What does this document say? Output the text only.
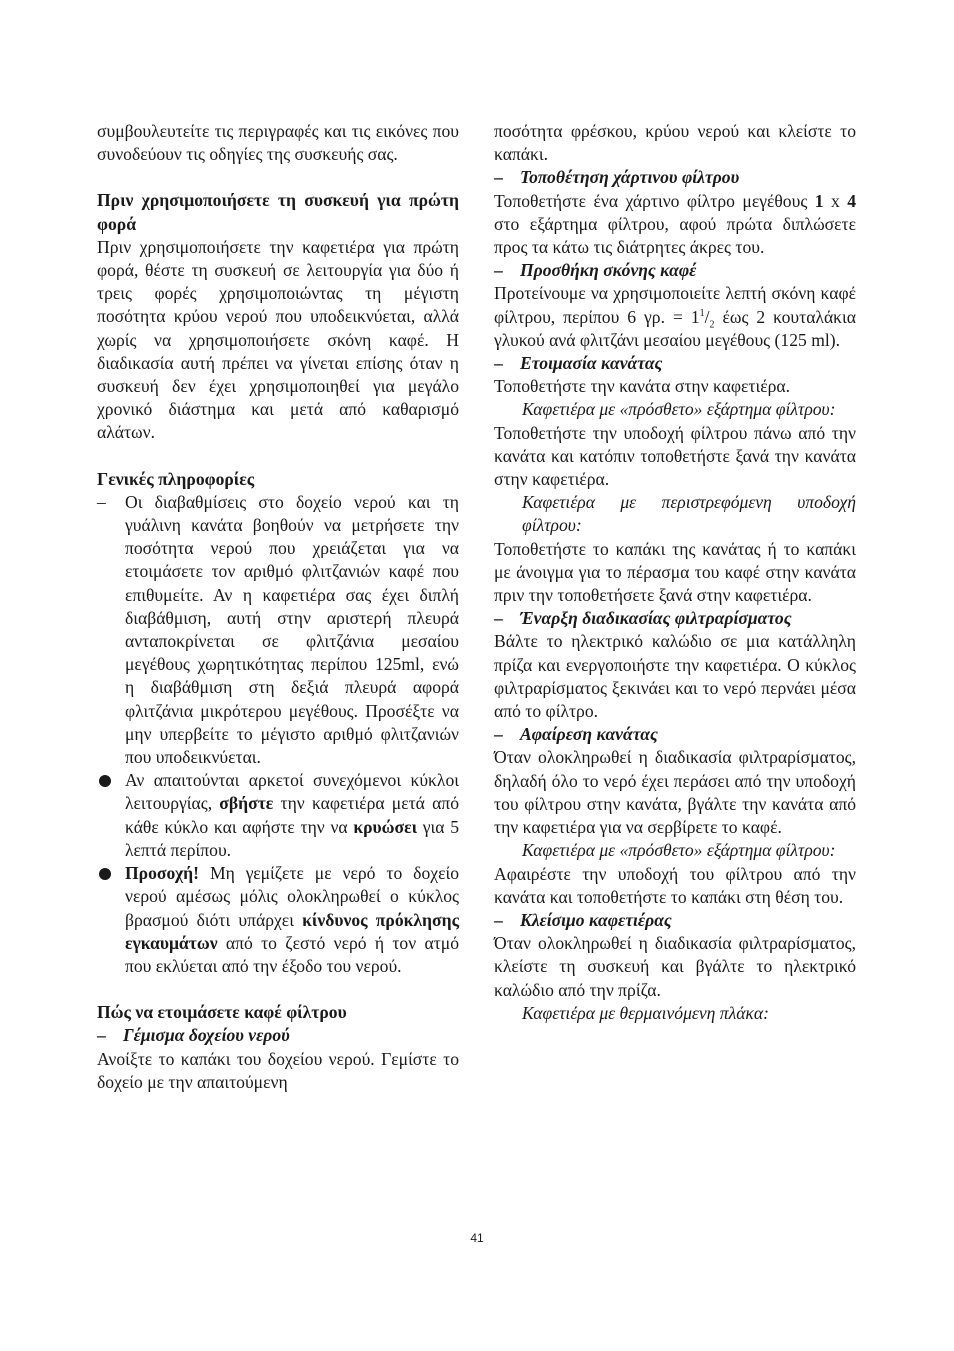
συμβουλευτείτε τις περιγραφές και τις εικόνες που συνοδεύουν τις οδηγίες της συσκευής σας.

Πριν χρησιμοποιήσετε τη συσκευή για πρώτη φορά

Πριν χρησιμοποιήσετε την καφετιέρα για πρώτη φορά, θέστε τη συσκευή σε λειτουργία για δύο ή τρεις φορές χρησιμοποιώντας τη μέγιστη ποσότητα κρύου νερού που υποδεικνύεται, αλλά χωρίς να χρησιμοποιήσετε σκόνη καφέ. Η διαδικασία αυτή πρέπει να γίνεται επίσης όταν η συσκευή δεν έχει χρησιμοποιηθεί για μεγάλο χρονικό διάστημα και μετά από καθαρισμό αλάτων.

Γενικές πληροφορίες

– Οι διαβαθμίσεις στο δοχείο νερού και τη γυάλινη κανάτα βοηθούν να μετρήσετε την ποσότητα νερού που χρειάζεται για να ετοιμάσετε τον αριθμό φλιτζανιών καφέ που επιθυμείτε. Αν η καφετιέρα σας έχει διπλή διαβάθμιση, αυτή στην αριστερή πλευρά ανταποκρίνεται σε φλιτζάνια μεσαίου μεγέθους χωρητικότητας περίπου 125ml, ενώ η διαβάθμιση στη δεξιά πλευρά αφορά φλιτζάνια μικρότερου μεγέθους. Προσέξτε να μην υπερβείτε το μέγιστο αριθμό φλιτζανιών που υποδεικνύεται.
Αν απαιτούνται αρκετοί συνεχόμενοι κύκλοι λειτουργίας, σβήστε την καφετιέρα μετά από κάθε κύκλο και αφήστε την να κρυώσει για 5 λεπτά περίπου.
Προσοχή! Μη γεμίζετε με νερό το δοχείο νερού αμέσως μόλις ολοκληρωθεί ο κύκλος βρασμού διότι υπάρχει κίνδυνος πρόκλησης εγκαυμάτων από το ζεστό νερό ή τον ατμό που εκλύεται από την έξοδο του νερού.

Πώς να ετοιμάσετε καφέ φίλτρου

– Γέμισμα δοχείου νερού

Ανοίξτε το καπάκι του δοχείου νερού. Γεμίστε το δοχείο με την απαιτούμενη

ποσότητα φρέσκου, κρύου νερού και κλείστε το καπάκι.

– Τοποθέτηση χάρτινου φίλτρου

Τοποθετήστε ένα χάρτινο φίλτρο μεγέθους 1 x 4 στο εξάρτημα φίλτρου, αφού πρώτα διπλώσετε προς τα κάτω τις διάτρητες άκρες του.

– Προσθήκη σκόνης καφέ

Προτείνουμε να χρησιμοποιείτε λεπτή σκόνη καφέ φίλτρου, περίπου 6 γρ. = $1^1/_2$ έως 2 κουταλάκια γλυκού ανά φλιτζάνι μεσαίου μεγέθους (125 ml).

– Ετοιμασία κανάτας

Τοποθετήστε την κανάτα στην καφετιέρα.

Καφετιέρα με «πρόσθετο» εξάρτημα φίλτρου:

Τοποθετήστε την υποδοχή φίλτρου πάνω από την κανάτα και κατόπιν τοποθετήστε ξανά την κανάτα στην καφετιέρα.

Καφετιέρα με περιστρεφόμενη υποδοχή φίλτρου:

Τοποθετήστε το καπάκι της κανάτας ή το καπάκι με άνοιγμα για το πέρασμα του καφέ στην κανάτα πριν την τοποθετήσετε ξανά στην καφετιέρα.

– Έναρξη διαδικασίας φιλτραρίσματος

Βάλτε το ηλεκτρικό καλώδιο σε μια κατάλληλη πρίζα και ενεργοποιήστε την καφετιέρα. Ο κύκλος φιλτραρίσματος ξεκινάει και το νερό περνάει μέσα από το φίλτρο.

– Αφαίρεση κανάτας

Όταν ολοκληρωθεί η διαδικασία φιλτραρίσματος, δηλαδή όλο το νερό έχει περάσει από την υποδοχή του φίλτρου στην κανάτα, βγάλτε την κανάτα από την καφετιέρα για να σερβίρετε το καφέ.

Καφετιέρα με «πρόσθετο» εξάρτημα φίλτρου:

Αφαιρέστε την υποδοχή του φίλτρου από την κανάτα και τοποθετήστε το καπάκι στη θέση του.

– Κλείσιμο καφετιέρας

Όταν ολοκληρωθεί η διαδικασία φιλτραρίσματος, κλείστε τη συσκευή και βγάλτε το ηλεκτρικό καλώδιο από την πρίζα.

Καφετιέρα με θερμαινόμενη πλάκα:

41
